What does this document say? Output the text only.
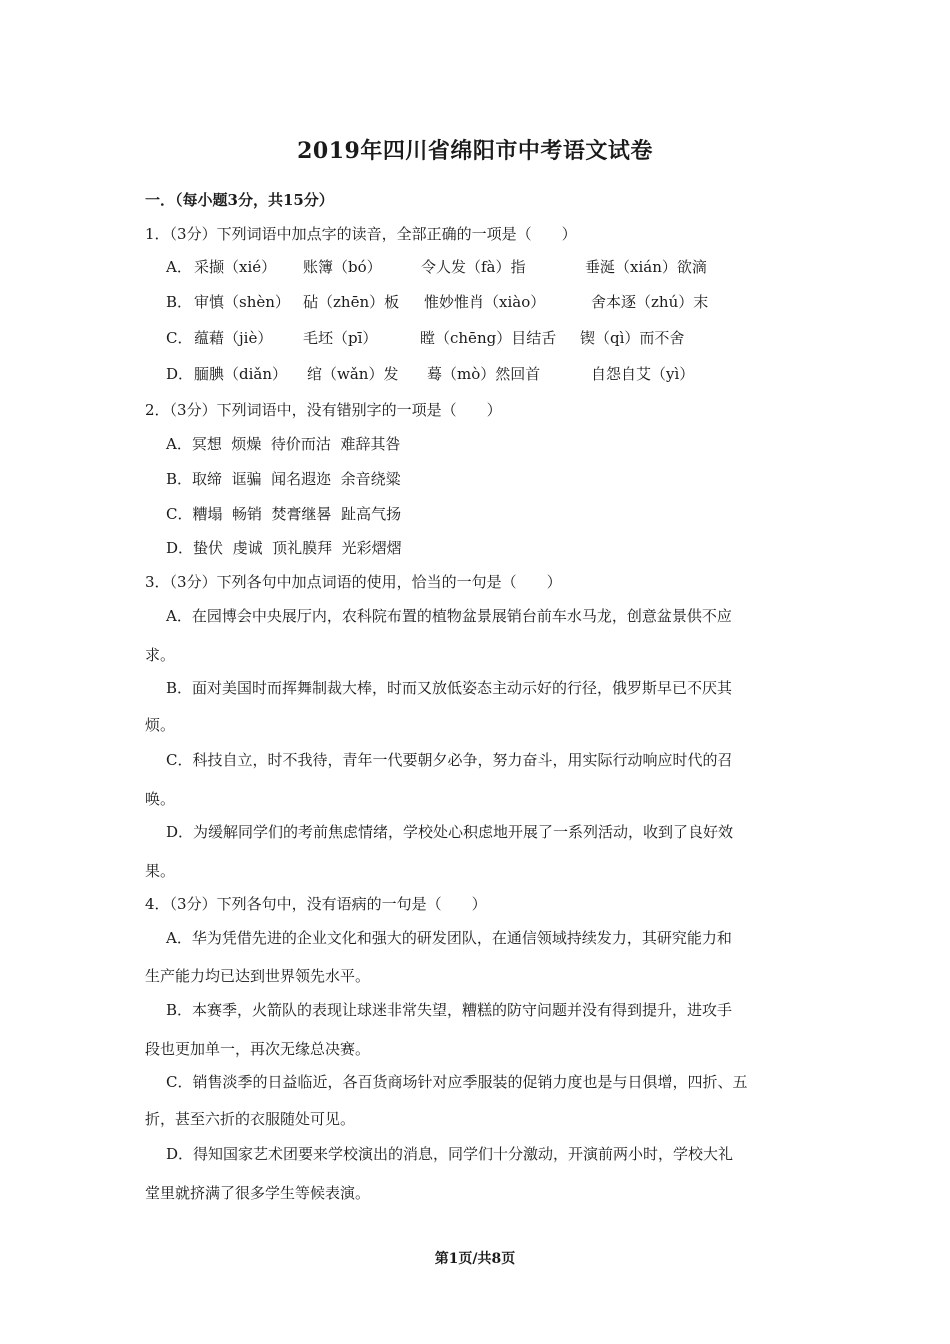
2019年四川省绵阳市中考语文试卷
一．（每小题3分，共15分）
1．（3分）下列词语中加点字的读音，全部正确的一项是（　　）
A． 采撷（xié） 账簿（bó）	令人发（fà）指	垂涎（xián）欲滴
B． 审慎（shèn） 砧（zhēn）板 惟妙惟肖（xiào）	舍本逐（zhú）末
C． 蕴藉（jiè） 毛坯（pī）	瞠（chēng）目结舌 锲（qì）而不舍
D． 腼腆（diǎn） 绾（wǎn）发 蓦（mò）然回首	自怨自艾（yì）
2．（3分）下列词语中，没有错别字的一项是（　　）
A．冥想  烦燥  待价而沽  难辞其咎
B．取缔  诓骗  闻名遐迩  余音绕粱
C．糟塌  畅销  焚膏继晷  趾高气扬
D．蛰伏  虔诚  顶礼膜拜  光彩熠熠
3．（3分）下列各句中加点词语的使用，恰当的一句是（　　）
A．在园博会中央展厅内，农科院布置的植物盆景展销台前车水马龙，创意盆景供不应
求。
B．面对美国时而挥舞制裁大棒，时而又放低姿态主动示好的行径，俄罗斯早已不厌其
烦。
C．科技自立，时不我待，青年一代要朝夕必争，努力奋斗，用实际行动响应时代的召
唤。
D．为缓解同学们的考前焦虑情绪，学校处心积虑地开展了一系列活动，收到了良好效
果。
4．（3分）下列各句中，没有语病的一句是（　　）
A．华为凭借先进的企业文化和强大的研发团队，在通信领域持续发力，其研究能力和
生产能力均已达到世界领先水平。
B．本赛季，火箭队的表现让球迷非常失望，糟糕的防守问题并没有得到提升，进攻手
段也更加单一，再次无缘总决赛。
C．销售淡季的日益临近，各百货商场针对应季服装的促销力度也是与日俱增，四折、五
折，甚至六折的衣服随处可见。
D．得知国家艺术团要来学校演出的消息，同学们十分激动，开演前两小时，学校大礼
堂里就挤满了很多学生等候表演。
第1页/共8页
